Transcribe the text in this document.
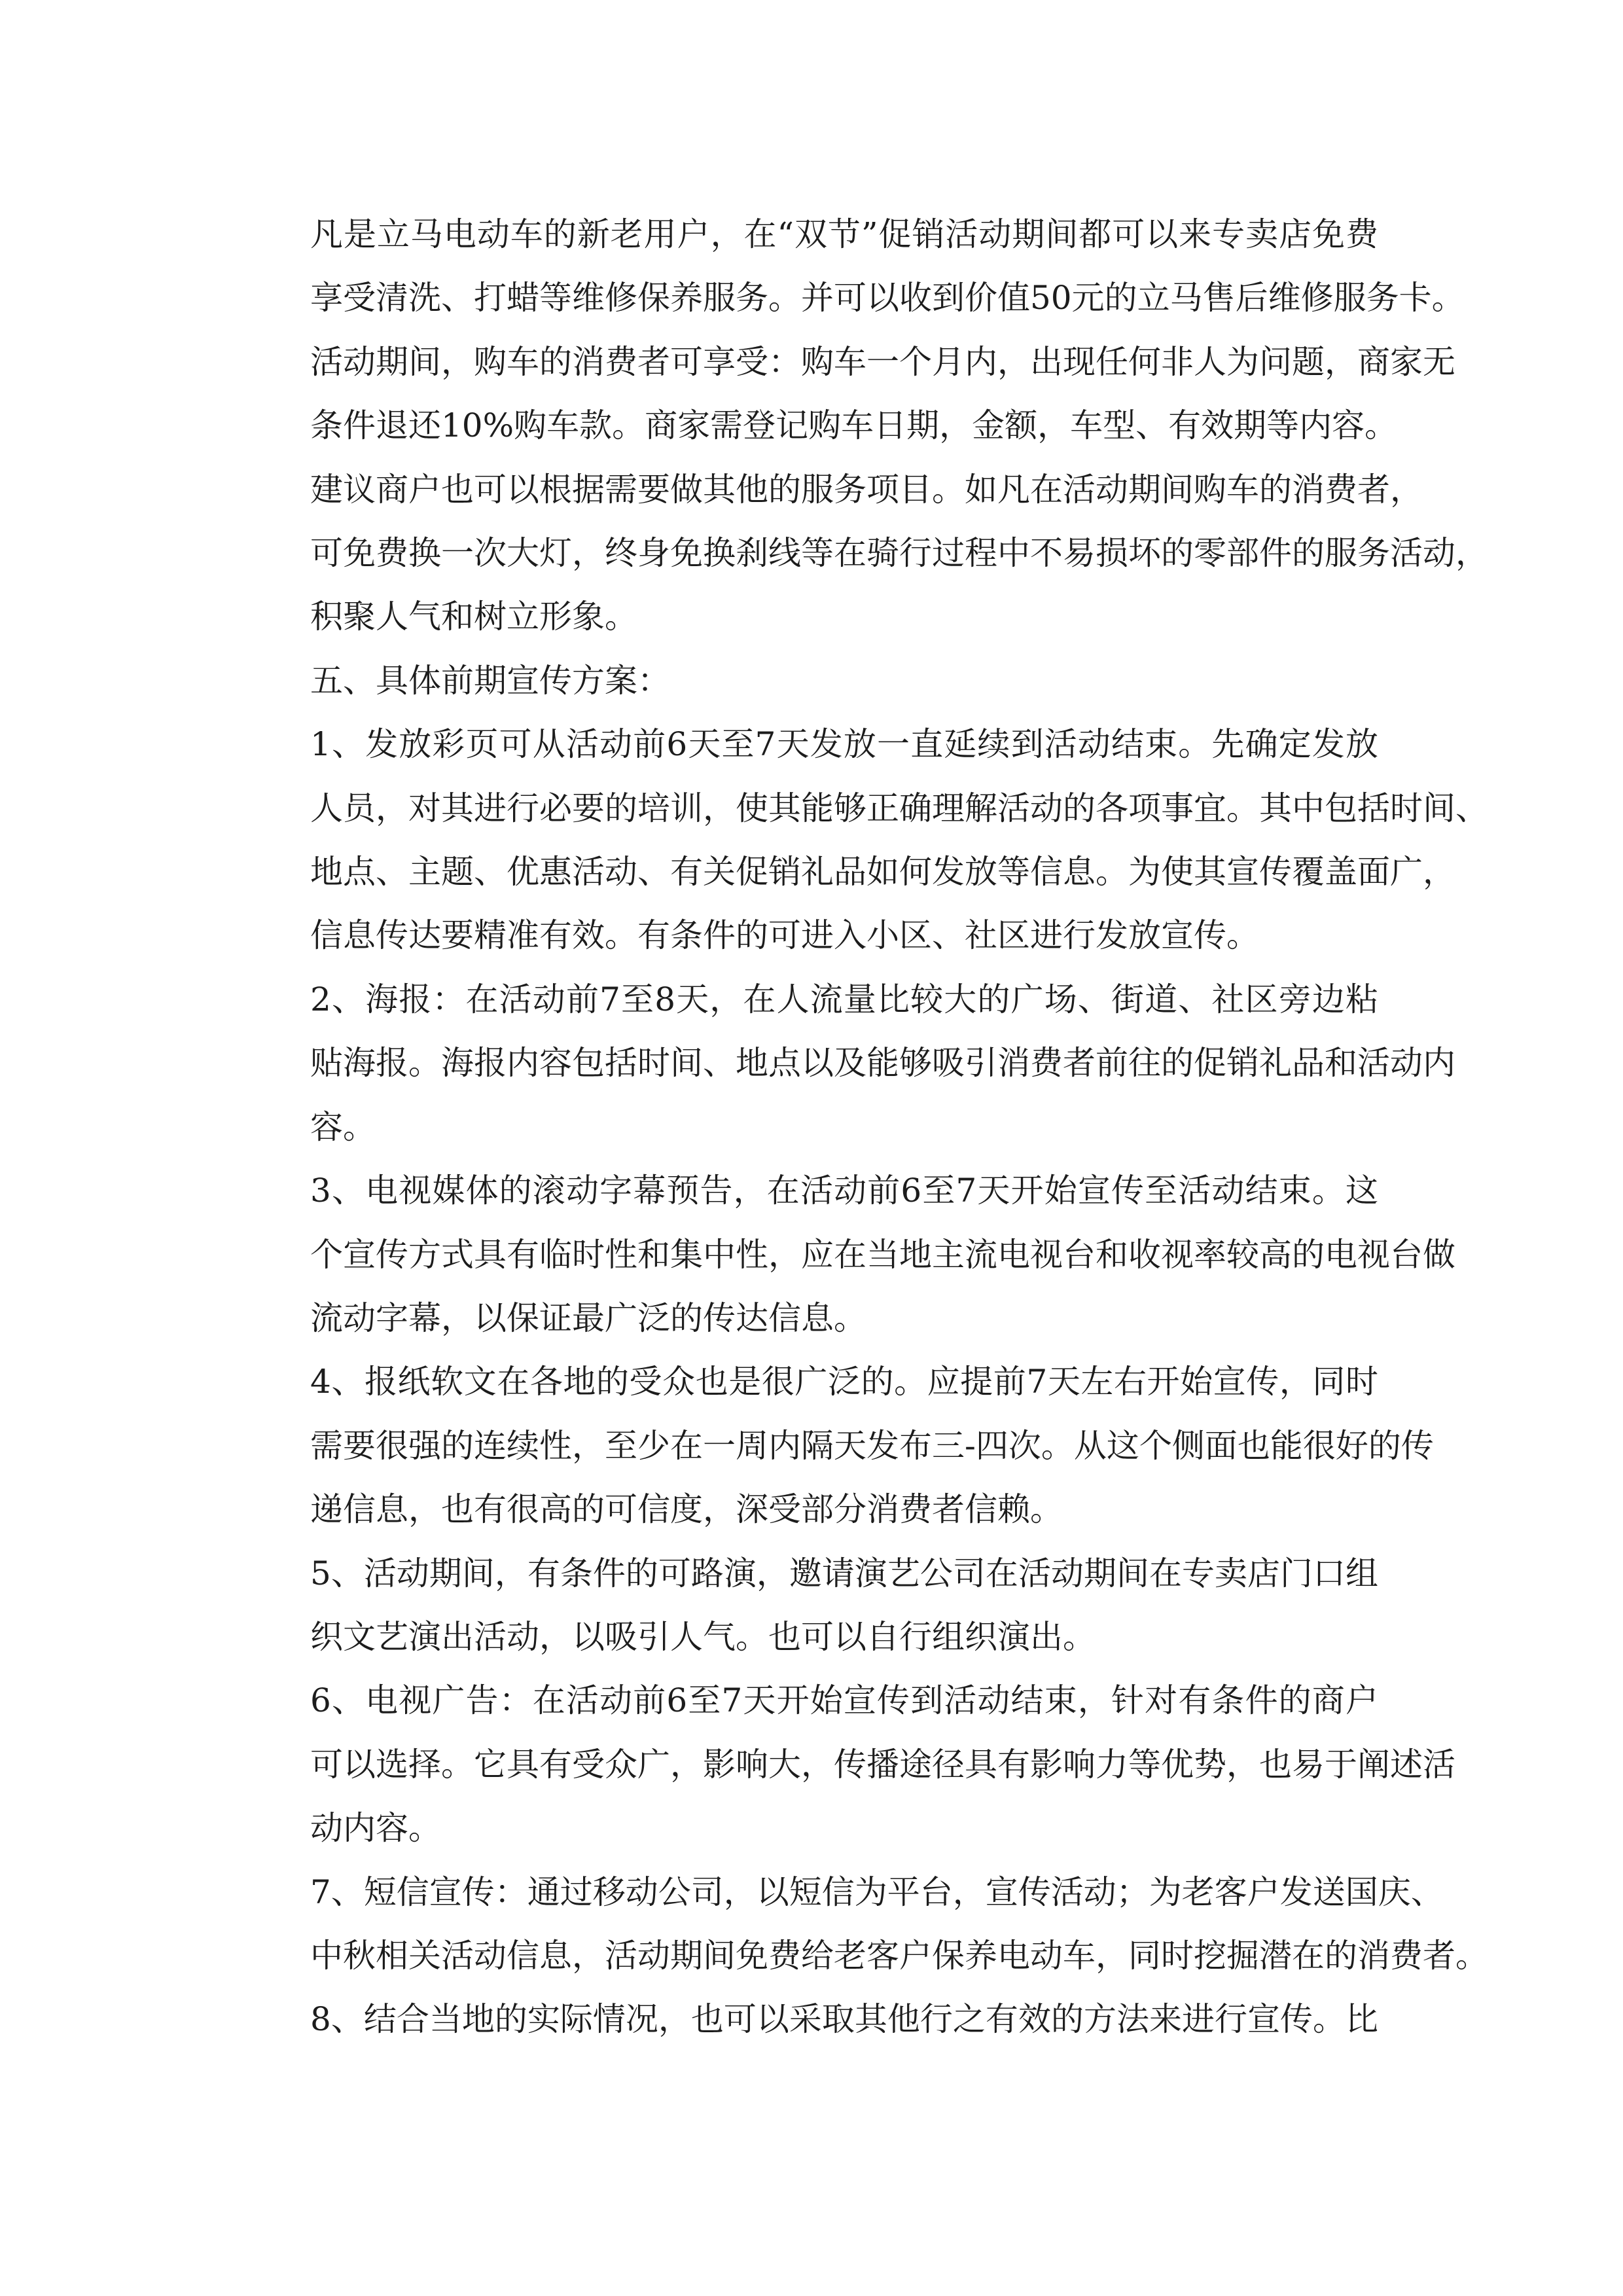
凡是立马电动车的新老用户，在“双节”促销活动期间都可以来专卖店免费
享受清洗、打蜡等维修保养服务。并可以收到价值50元的立马售后维修服务卡。
活动期间，购车的消费者可享受：购车一个月内，出现任何非人为问题，商家无
条件退还10%购车款。商家需登记购车日期，金额，车型、有效期等内容。

建议商户也可以根据需要做其他的服务项目。如凡在活动期间购车的消费者，
可免费换一次大灯，终身免换刹线等在骑行过程中不易损坏的零部件的服务活动，
积聚人气和树立形象。

五、具体前期宣传方案：

1、发放彩页可从活动前6天至7天发放一直延续到活动结束。先确定发放
人员，对其进行必要的培训，使其能够正确理解活动的各项事宜。其中包括时间、
地点、主题、优惠活动、有关促销礼品如何发放等信息。为使其宣传覆盖面广，
信息传达要精准有效。有条件的可进入小区、社区进行发放宣传。

2、海报：在活动前7至8天，在人流量比较大的广场、街道、社区旁边粘
贴海报。海报内容包括时间、地点以及能够吸引消费者前往的促销礼品和活动内
容。

3、电视媒体的滚动字幕预告，在活动前6至7天开始宣传至活动结束。这
个宣传方式具有临时性和集中性，应在当地主流电视台和收视率较高的电视台做
流动字幕，以保证最广泛的传达信息。

4、报纸软文在各地的受众也是很广泛的。应提前7天左右开始宣传，同时
需要很强的连续性，至少在一周内隔天发布三-四次。从这个侧面也能很好的传
递信息，也有很高的可信度，深受部分消费者信赖。

5、活动期间，有条件的可路演，邀请演艺公司在活动期间在专卖店门口组
织文艺演出活动，以吸引人气。也可以自行组织演出。

6、电视广告：在活动前6至7天开始宣传到活动结束，针对有条件的商户
可以选择。它具有受众广，影响大，传播途径具有影响力等优势，也易于阐述活
动内容。

7、短信宣传：通过移动公司，以短信为平台，宣传活动；为老客户发送国庆、
中秋相关活动信息，活动期间免费给老客户保养电动车，同时挖掘潜在的消费者。

8、结合当地的实际情况，也可以采取其他行之有效的方法来进行宣传。比
